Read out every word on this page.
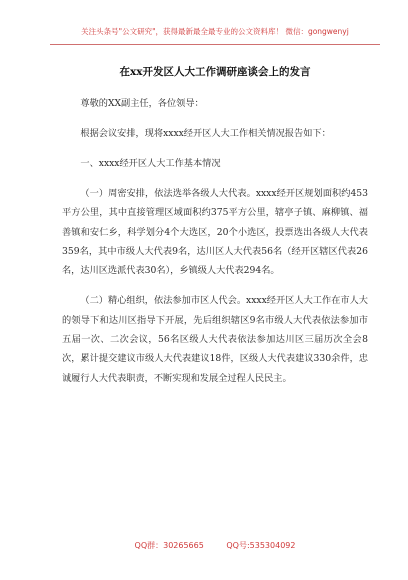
关注头条号"公文研究"，获得最新最全最专业的公文资料库！ 微信：gongwenyj
在xx开发区人大工作调研座谈会上的发言

尊敬的XX副主任，各位领导：

根据会议安排，现将xxxx经开区人大工作相关情况报告如下：

一、xxxx经开区人大工作基本情况

（一）周密安排，依法选举各级人大代表。xxxx经开区规划面积约453平方公里，其中直接管理区域面积约375平方公里，辖亭子镇、麻柳镇、福善镇和安仁乡，科学划分4个大选区，20个小选区，投票选出各级人大代表359名，其中市级人大代表9名，达川区人大代表56名（经开区辖区代表26名，达川区选派代表30名），乡镇级人大代表294名。

（二）精心组织，依法参加市区人代会。xxxx经开区人大工作在市人大的领导下和达川区指导下开展，先后组织辖区9名市级人大代表依法参加市五届一次、二次会议，56名区级人大代表依法参加达川区三届历次全会8次，累计提交建议市级人大代表建议18件，区级人大代表建议330余件，忠诚履行人大代表职责，不断实现和发展全过程人民民主。

QQ群：30265665	QQ号:535304092
